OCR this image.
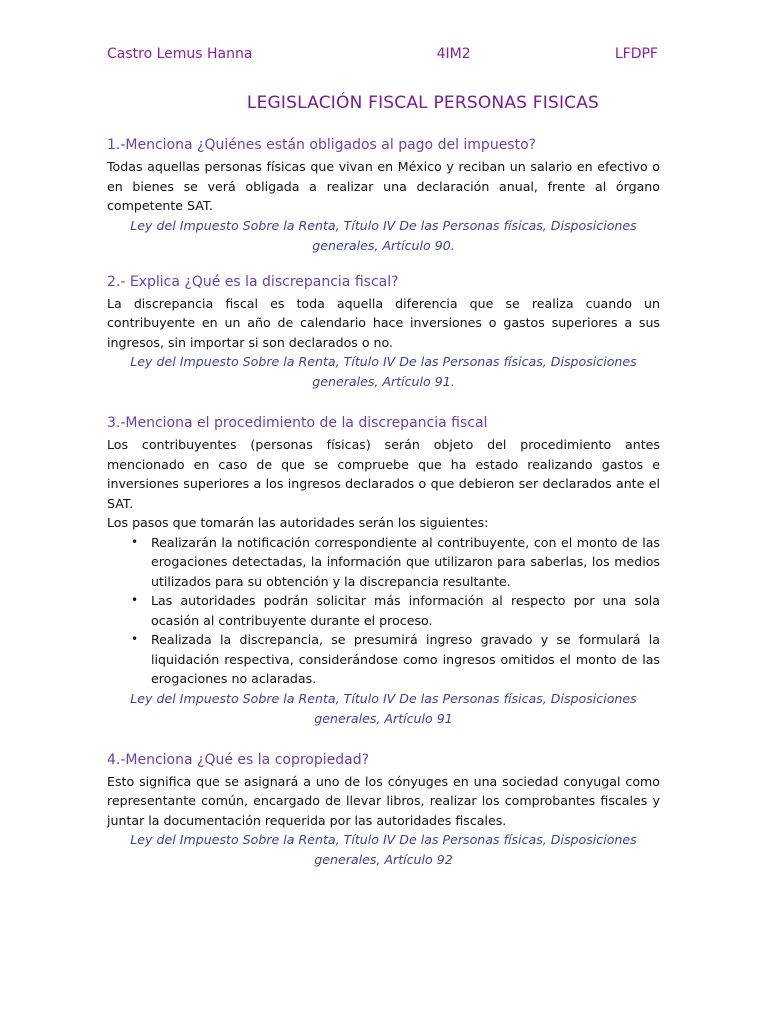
Castro Lemus Hanna	4IM2	LFDPF
LEGISLACIÓN FISCAL PERSONAS FISICAS
1.-Menciona ¿Quiénes están obligados al pago del impuesto?

Todas aquellas personas físicas que vivan en México y reciban un salario en efectivo o en bienes se verá obligada a realizar una declaración anual, frente al órgano competente SAT.

Ley del Impuesto Sobre la Renta, Título IV De las Personas físicas, Disposiciones generales, Artículo 90.

2.- Explica ¿Qué es la discrepancia fiscal?

La discrepancia fiscal es toda aquella diferencia que se realiza cuando un contribuyente en un año de calendario hace inversiones o gastos superiores a sus ingresos, sin importar si son declarados o no.

Ley del Impuesto Sobre la Renta, Título IV De las Personas físicas, Disposiciones generales, Artículo 91.

3.-Menciona el procedimiento de la discrepancia fiscal

Los contribuyentes (personas físicas) serán objeto del procedimiento antes mencionado en caso de que se compruebe que ha estado realizando gastos e inversiones superiores a los ingresos declarados o que debieron ser declarados ante el SAT.

Los pasos que tomarán las autoridades serán los siguientes:

• Realizarán la notificación correspondiente al contribuyente, con el monto de las erogaciones detectadas, la información que utilizaron para saberlas, los medios utilizados para su obtención y la discrepancia resultante.
• Las autoridades podrán solicitar más información al respecto por una sola ocasión al contribuyente durante el proceso.
• Realizada la discrepancia, se presumirá ingreso gravado y se formulará la liquidación respectiva, considerándose como ingresos omitidos el monto de las erogaciones no aclaradas.

Ley del Impuesto Sobre la Renta, Título IV De las Personas físicas, Disposiciones generales, Artículo 91

4.-Menciona ¿Qué es la copropiedad?

Esto significa que se asignará a uno de los cónyuges en una sociedad conyugal como representante común, encargado de llevar libros, realizar los comprobantes fiscales y juntar la documentación requerida por las autoridades fiscales.

Ley del Impuesto Sobre la Renta, Título IV De las Personas físicas, Disposiciones generales, Artículo 92
